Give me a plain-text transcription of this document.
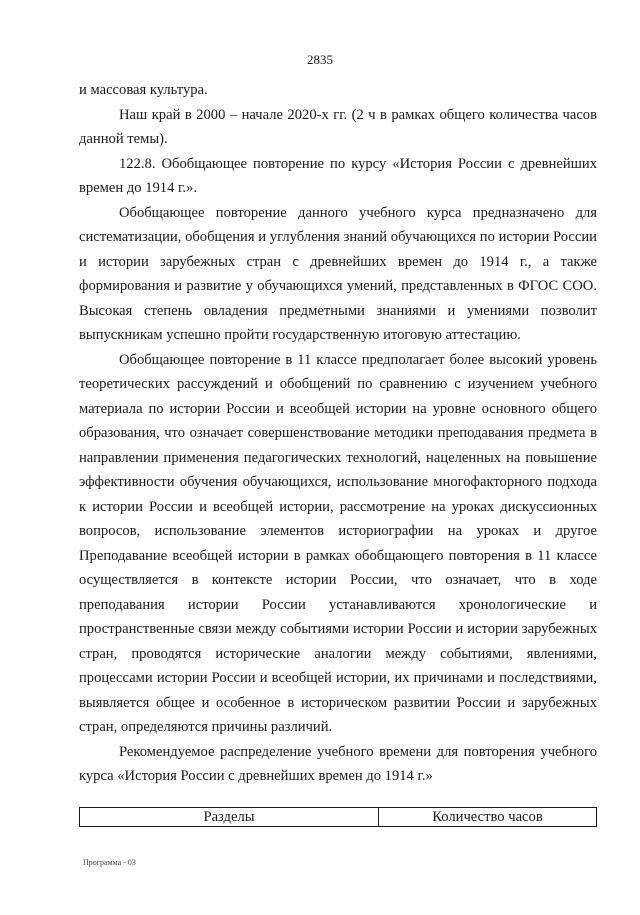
2835

и массовая культура.

Наш край в 2000 – начале 2020-х гг. (2 ч в рамках общего количества часов данной темы).

122.8. Обобщающее повторение по курсу «История России с древнейших времен до 1914 г.».

Обобщающее повторение данного учебного курса предназначено для систематизации, обобщения и углубления знаний обучающихся по истории России и истории зарубежных стран с древнейших времен до 1914 г., а также формирования и развитие у обучающихся умений, представленных в ФГОС СОО. Высокая степень овладения предметными знаниями и умениями позволит выпускникам успешно пройти государственную итоговую аттестацию.

Обобщающее повторение в 11 классе предполагает более высокий уровень теоретических рассуждений и обобщений по сравнению с изучением учебного материала по истории России и всеобщей истории на уровне основного общего образования, что означает совершенствование методики преподавания предмета в направлении применения педагогических технологий, нацеленных на повышение эффективности обучения обучающихся, использование многофакторного подхода к истории России и всеобщей истории, рассмотрение на уроках дискуссионных вопросов, использование элементов историографии на уроках и другое Преподавание всеобщей истории в рамках обобщающего повторения в 11 классе осуществляется в контексте истории России, что означает, что в ходе преподавания истории России устанавливаются хронологические и пространственные связи между событиями истории России и истории зарубежных стран, проводятся исторические аналогии между событиями, явлениями, процессами истории России и всеобщей истории, их причинами и последствиями, выявляется общее и особенное в историческом развитии России и зарубежных стран, определяются причины различий.

Рекомендуемое распределение учебного времени для повторения учебного курса «История России с древнейших времен до 1914 г.»

Разделы	Количество часов
Программа - 03
